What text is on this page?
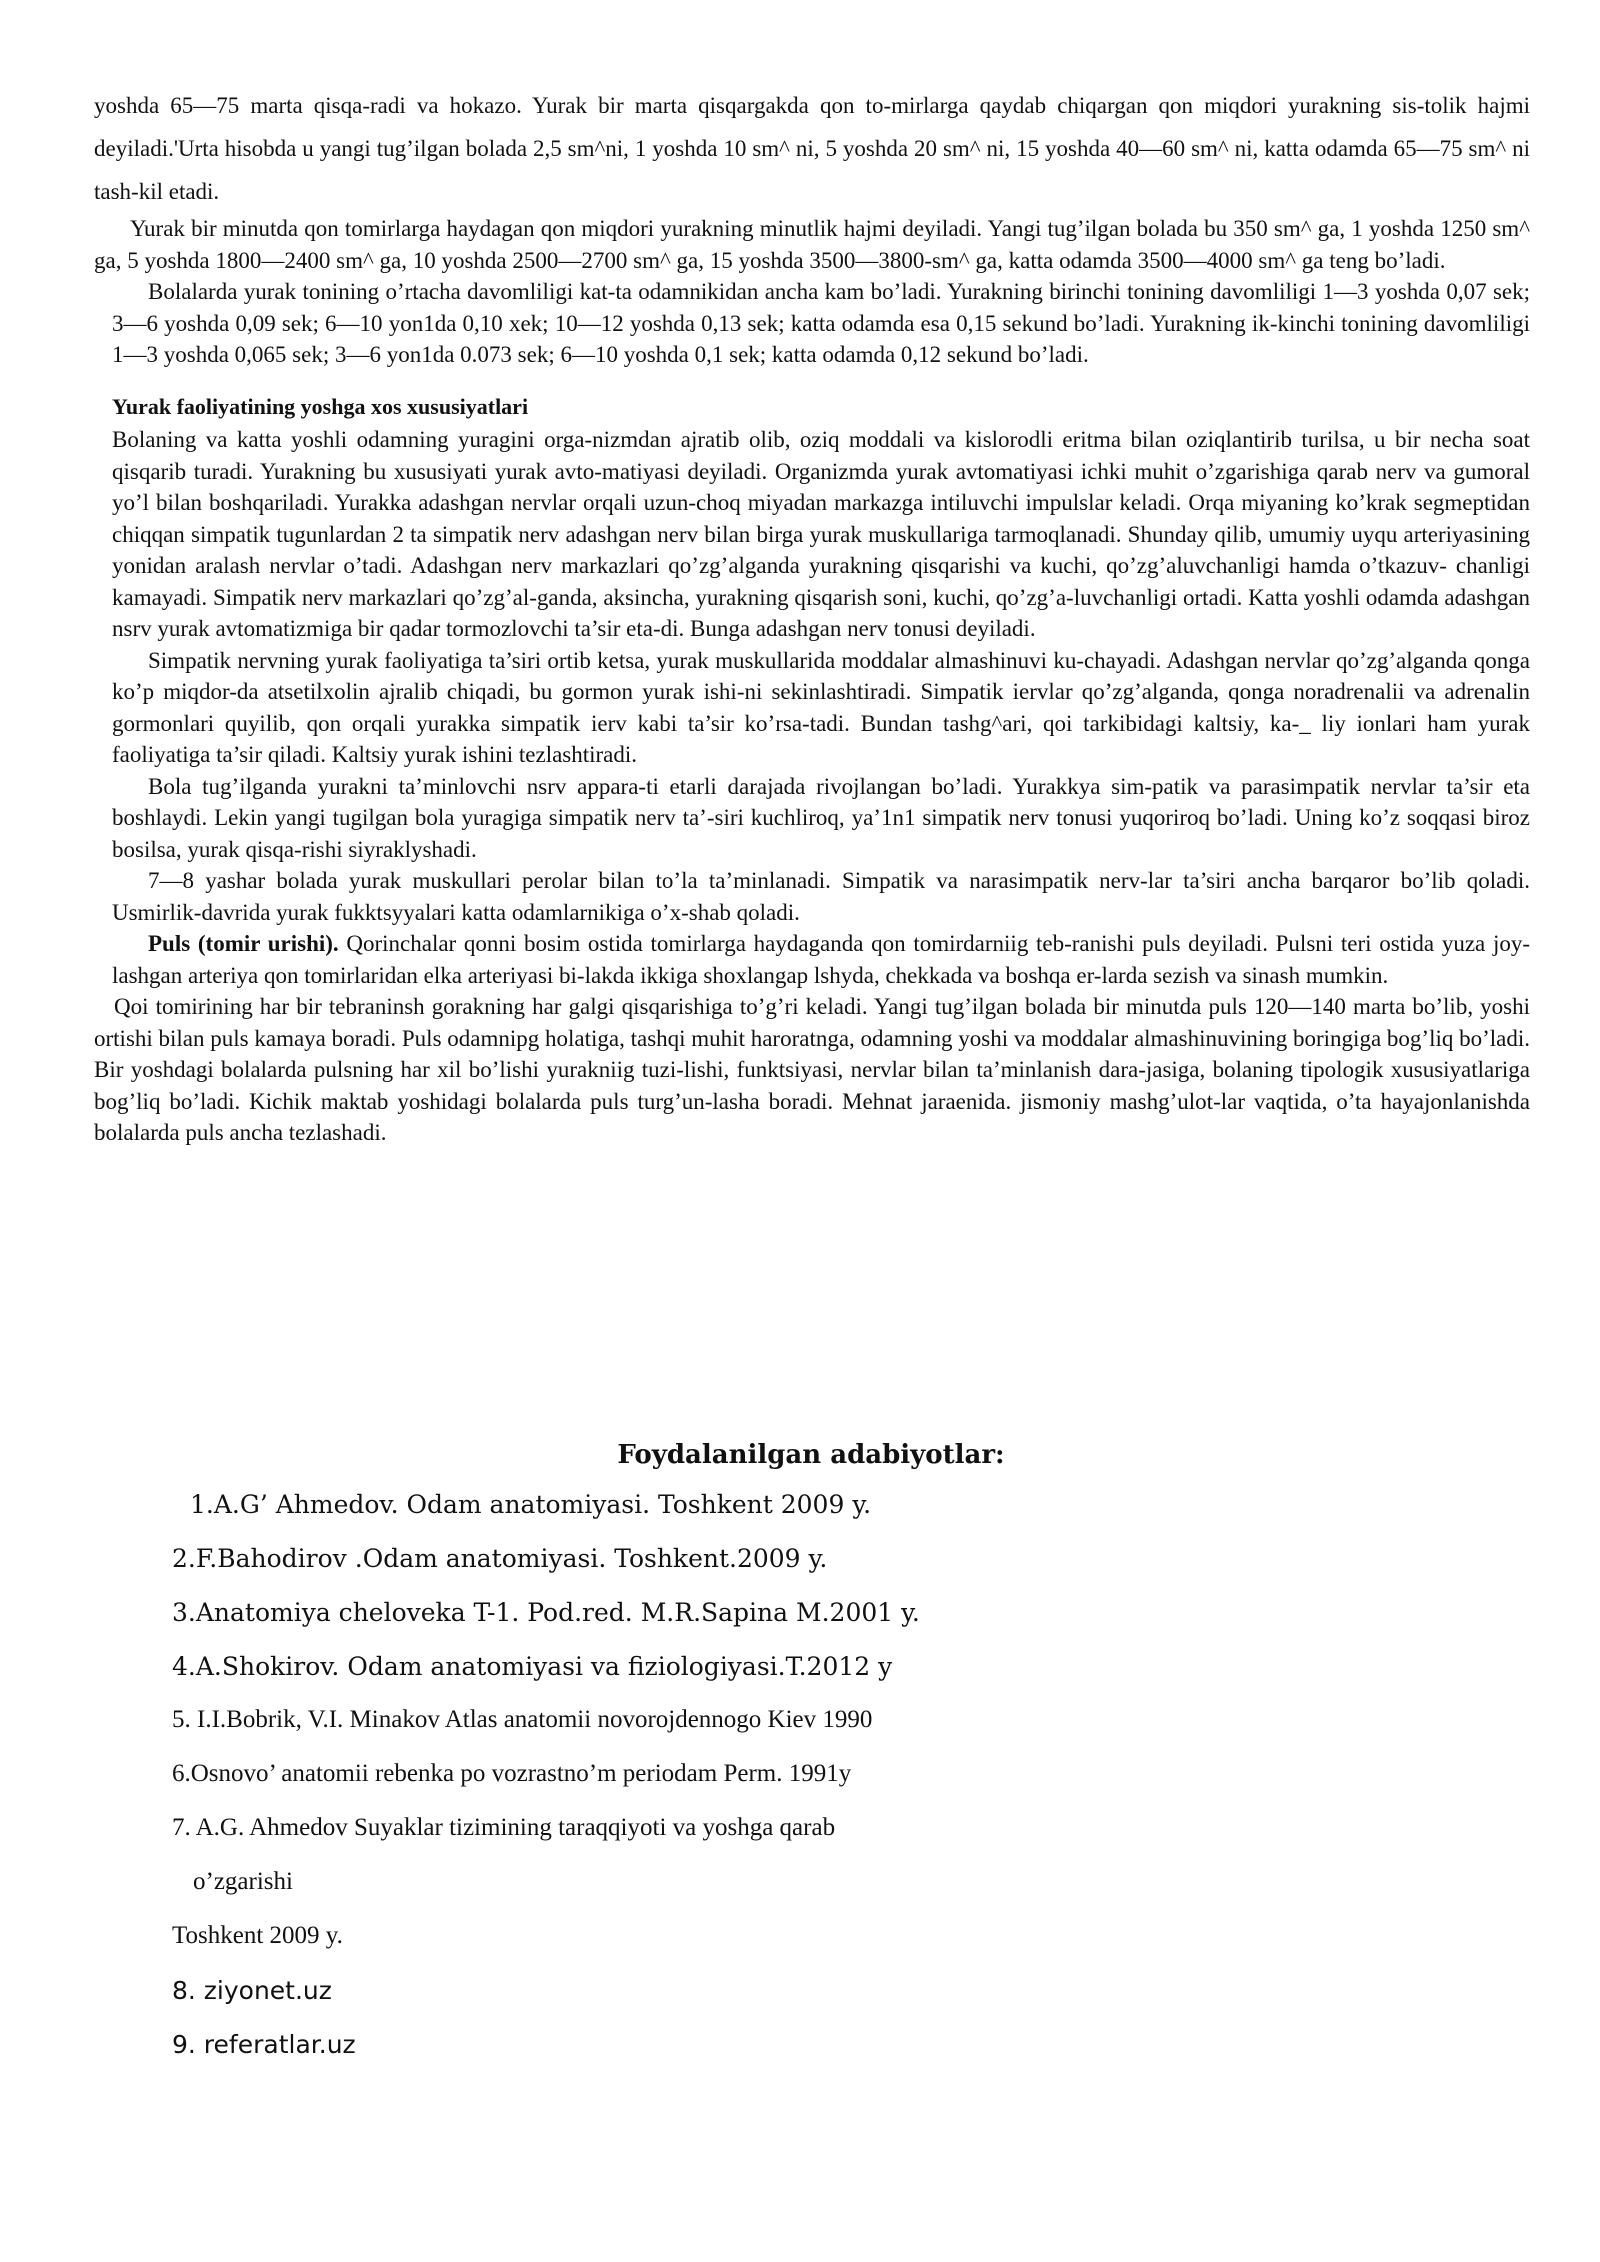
yoshda 65—75 marta qisqa-radi va hokazo. Yurak bir marta qisqargakda qon to-mirlarga qaydab chiqargan qon miqdori yurakning sis-tolik hajmi deyiladi.'Urta hisobda u yangi tug’ilgan bolada 2,5 sm^ni, 1 yoshda 10 sm^ ni, 5 yoshda 20 sm^ ni, 15 yoshda 40—60 sm^ ni, katta odamda 65—75 sm^ ni tash-kil etadi.

Yurak bir minutda qon tomirlarga haydagan qon miqdori yurakning minutlik hajmi deyiladi. Yangi tug’ilgan bolada bu 350 sm^ ga, 1 yoshda 1250 sm^ ga, 5 yoshda 1800—2400 sm^ ga, 10 yoshda 2500—2700 sm^ ga, 15 yoshda 3500—3800-sm^ ga, katta odamda 3500—4000 sm^ ga teng bo’ladi.

Bolalarda yurak tonining o’rtacha davomliligi kat-ta odamnikidan ancha kam bo’ladi. Yurakning birinchi tonining davomliligi 1—3 yoshda 0,07 sek; 3—6 yoshda 0,09 sek; 6—10 yon1da 0,10 xek; 10—12 yoshda 0,13 sek; katta odamda esa 0,15 sekund bo’ladi. Yurakning ik-kinchi tonining davomliligi 1—3 yoshda 0,065 sek; 3—6 yon1da 0.073 sek; 6—10 yoshda 0,1 sek; katta odamda 0,12 sekund bo’ladi.

Yurak faoliyatining yoshga xos xususiyatlari

Bolaning va katta yoshli odamning yuragini orga-nizmdan ajratib olib, oziq moddali va kislorodli eritma bilan oziqlantirib turilsa, u bir necha soat qisqarib turadi. Yurakning bu xususiyati yurak avto-matiyasi deyiladi. Organizmda yurak avtomatiyasi ichki muhit o’zgarishiga qarab nerv va gumoral yo’l bilan boshqariladi. Yurakka adashgan nervlar orqali uzun-choq miyadan markazga intiluvchi impulslar keladi. Orqa miyaning ko’krak segmeptidan chiqqan simpatik tugunlardan 2 ta simpatik nerv adashgan nerv bilan birga yurak muskullariga tarmoqlanadi. Shunday qilib, umumiy uyqu arteriyasining yonidan aralash nervlar o’tadi. Adashgan nerv markazlari qo’zg’alganda yurakning qisqarishi va kuchi, qo’zg’aluvchanligi hamda o’tkazuv- chanligi kamayadi. Simpatik nerv markazlari qo’zg’al-ganda, aksincha, yurakning qisqarish soni, kuchi, qo’zg’a-luvchanligi ortadi. Katta yoshli odamda adashgan nsrv yurak avtomatizmiga bir qadar tormozlovchi ta’sir eta-di. Bunga adashgan nerv tonusi deyiladi.

Simpatik nervning yurak faoliyatiga ta’siri ortib ketsa, yurak muskullarida moddalar almashinuvi ku-chayadi. Adashgan nervlar qo’zg’alganda qonga ko’p miqdor-da atsetilxolin ajralib chiqadi, bu gormon yurak ishi-ni sekinlashtiradi. Simpatik iervlar qo’zg’alganda, qonga noradrenalii va adrenalin gormonlari quyilib, qon orqali yurakka simpatik ierv kabi ta’sir ko’rsa-tadi. Bundan tashg^ari, qoi tarkibidagi kaltsiy, ka-_ liy ionlari ham yurak faoliyatiga ta’sir qiladi. Kaltsiy yurak ishini tezlashtiradi.

Bola tug’ilganda yurakni ta’minlovchi nsrv appara-ti etarli darajada rivojlangan bo’ladi. Yurakkya sim-patik va parasimpatik nervlar ta’sir eta boshlaydi. Lekin yangi tugilgan bola yuragiga simpatik nerv ta’-siri kuchliroq, ya’1n1 simpatik nerv tonusi yuqoriroq bo’ladi. Uning ko’z soqqasi biroz bosilsa, yurak qisqa-rishi siyraklyshadi.

7—8 yashar bolada yurak muskullari perolar bilan to’la ta’minlanadi. Simpatik va narasimpatik nerv-lar ta’siri ancha barqaror bo’lib qoladi. Usmirlik-davrida yurak fukktsyyalari katta odamlarnikiga o’x-shab qoladi.

Puls (tomir urishi). Qorinchalar qonni bosim ostida tomirlarga haydaganda qon tomirdarniig teb-ranishi puls deyiladi. Pulsni teri ostida yuza joy-lashgan arteriya qon tomirlaridan elka arteriyasi bi-lakda ikkiga shoxlangap lshyda, chekkada va boshqa er-larda sezish va sinash mumkin.

Qoi tomirining har bir tebraninsh gorakning har galgi qisqarishiga to’g’ri keladi. Yangi tug’ilgan bolada bir minutda puls 120—140 marta bo’lib, yoshi ortishi bilan puls kamaya boradi. Puls odamnipg holatiga, tashqi muhit haroratnga, odamning yoshi va moddalar almashinuvining boringiga bog’liq bo’ladi. Bir yoshdagi bolalarda pulsning har xil bo’lishi yurakniig tuzi-lishi, funktsiyasi, nervlar bilan ta’minlanish dara-jasiga, bolaning tipologik xususiyatlariga bog’liq bo’ladi. Kichik maktab yoshidagi bolalarda puls turg’un-lasha boradi. Mehnat jaraenida. jismoniy mashg’ulot-lar vaqtida, o’ta hayajonlanishda bolalarda puls ancha tezlashadi.

Foydalanilgan adabiyotlar:
1.A.G’ Ahmedov. Odam anatomiyasi. Toshkent 2009 y.
2.F.Bahodirov .Odam anatomiyasi. Toshkent.2009 y.
3.Anatomiya cheloveka T-1. Pod.red. M.R.Sapina M.2001 y.
4.A.Shokirov. Odam anatomiyasi va fiziologiyasi.T.2012 y
5. I.I.Bobrik, V.I. Minakov Atlas anatomii novorojdennogo Kiev 1990
6.Osnovo’ anatomii rebenka po vozrastno’m periodam Perm. 1991y
7. A.G. Ahmedov Suyaklar tizimining taraqqiyoti va yoshga qarab
o’zgarishi
Toshkent 2009 y.
8. ziyonet.uz
9. referatlar.uz
